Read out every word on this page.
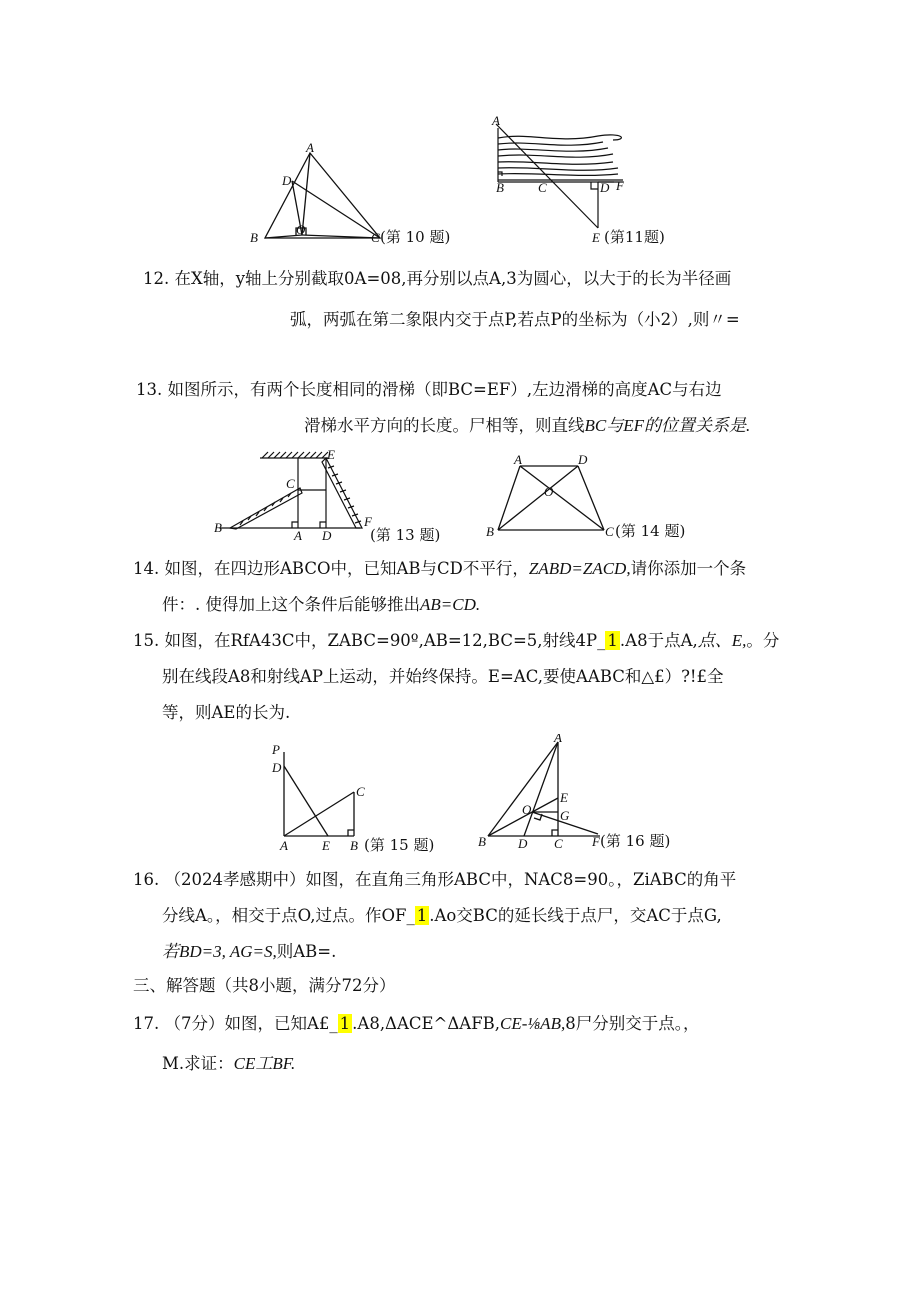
A
D
O
B	C (第 10 题)
A
B	C	D F
E (第11题)
12. 在X轴，y轴上分别截取0A=08,再分别以点A,3为圆心，以大于的长为半径画
弧，两弧在第二象限内交于点P,若点P的坐标为（小2）,则〃=
13. 如图所示，有两个长度相同的滑梯（即BC=EF）,左边滑梯的高度AC与右边
滑梯水平方向的长度。尸相等，则直线BC与EF的位置关系是.
E
C
B
A D
F
(第 13 题)
A	D
O
B	C (第 14 题)
14. 如图，在四边形ABCO中，已知AB与CD不平行，ZABD=ZACD,请你添加一个条
件：. 使得加上这个条件后能够推出AB=CD.
15. 如图，在RfA43C中，ZABC=90º,AB=12,BC=5,射线4P_ 1 .A8于点A,点、E,。分
别在线段A8和射线AP上运动，并始终保持。E=AC,要使AABC和△£）?!£全
等，则AE的长为.
P
D
C
A	E B (第 15 题)
A
E
O G
B D C F (第 16 题)
16. （2024孝感期中）如图，在直角三角形ABC中，NAC8=90。，ZiABC的角平
分线A。，相交于点O,过点。作OF_ 1 .Ao交BC的延长线于点尸，交AC于点G,
若BD=3, AG=S,则AB=.
三、解答题（共8小题，满分72分）
17. （7分）如图，已知A£_ 1 .A8,ΔACE^ΔAFB,CE-⅛AB,8尸分别交于点。，
M.求证：CE工BF.
